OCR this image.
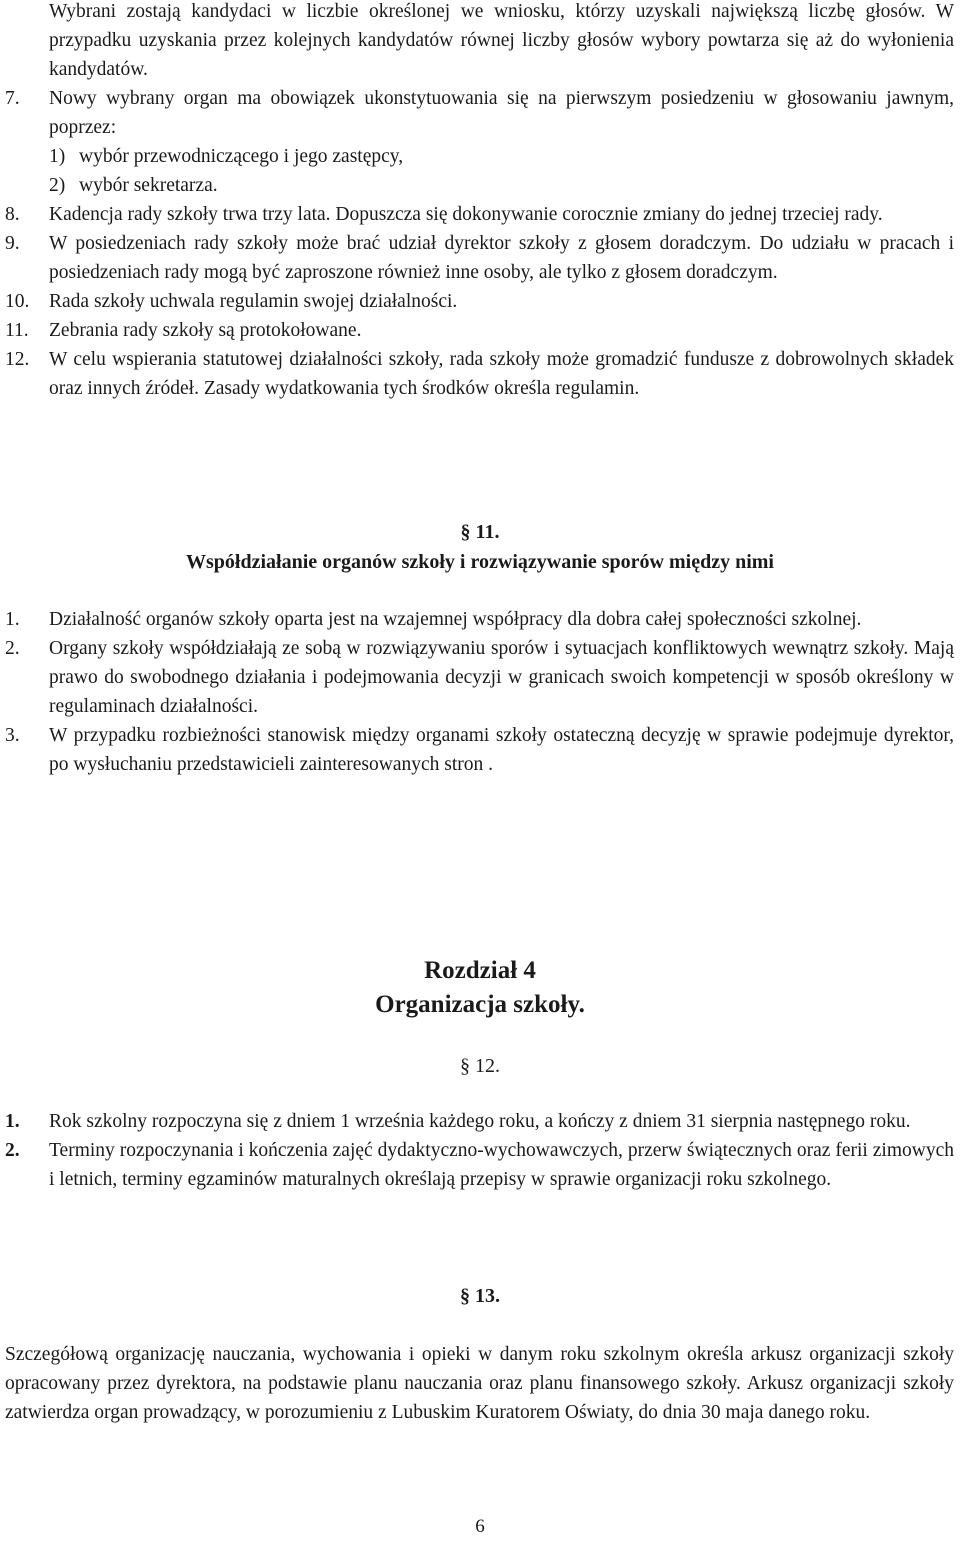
Wybrani zostają kandydaci w liczbie określonej we wniosku, którzy uzyskali największą liczbę głosów. W przypadku uzyskania przez kolejnych kandydatów równej liczby głosów wybory powtarza się aż do wyłonienia kandydatów.
7. Nowy wybrany organ ma obowiązek ukonstytuowania się na pierwszym posiedzeniu w głosowaniu jawnym, poprzez:
1) wybór przewodniczącego i jego zastępcy,
2) wybór sekretarza.
8. Kadencja rady szkoły trwa trzy lata. Dopuszcza się dokonywanie corocznie zmiany do jednej trzeciej rady.
9. W posiedzeniach rady szkoły może brać udział dyrektor szkoły z głosem doradczym. Do udziału w pracach i posiedzeniach rady mogą być zaproszone również inne osoby, ale tylko z głosem doradczym.
10. Rada szkoły uchwala regulamin swojej działalności.
11. Zebrania rady szkoły są protokołowane.
12. W celu wspierania statutowej działalności szkoły, rada szkoły może gromadzić fundusze z dobrowolnych składek oraz innych źródeł. Zasady wydatkowania tych środków określa regulamin.
§ 11.
Współdziałanie organów szkoły i rozwiązywanie sporów między nimi
1. Działalność organów szkoły oparta jest na wzajemnej współpracy dla dobra całej społeczności szkolnej.
2. Organy szkoły współdziałają ze sobą w rozwiązywaniu sporów i sytuacjach konfliktowych wewnątrz szkoły. Mają prawo do swobodnego działania i podejmowania decyzji w granicach swoich kompetencji w sposób określony w regulaminach działalności.
3. W przypadku rozbieżności stanowisk między organami szkoły ostateczną decyzję w sprawie podejmuje dyrektor, po wysłuchaniu przedstawicieli zainteresowanych stron .
Rozdział 4
Organizacja szkoły.
§ 12.
1. Rok szkolny rozpoczyna się z dniem 1 września każdego roku, a kończy z dniem 31 sierpnia następnego roku.
2. Terminy rozpoczynania i kończenia zajęć dydaktyczno-wychowawczych, przerw świątecznych oraz ferii zimowych i letnich, terminy egzaminów maturalnych określają przepisy w sprawie organizacji roku szkolnego.
§ 13.
Szczegółową organizację nauczania, wychowania i opieki w danym roku szkolnym określa arkusz organizacji szkoły opracowany przez dyrektora, na podstawie planu nauczania oraz planu finansowego szkoły. Arkusz organizacji szkoły zatwierdza organ prowadzący, w porozumieniu z Lubuskim Kuratorem Oświaty, do dnia 30 maja danego roku.
6
